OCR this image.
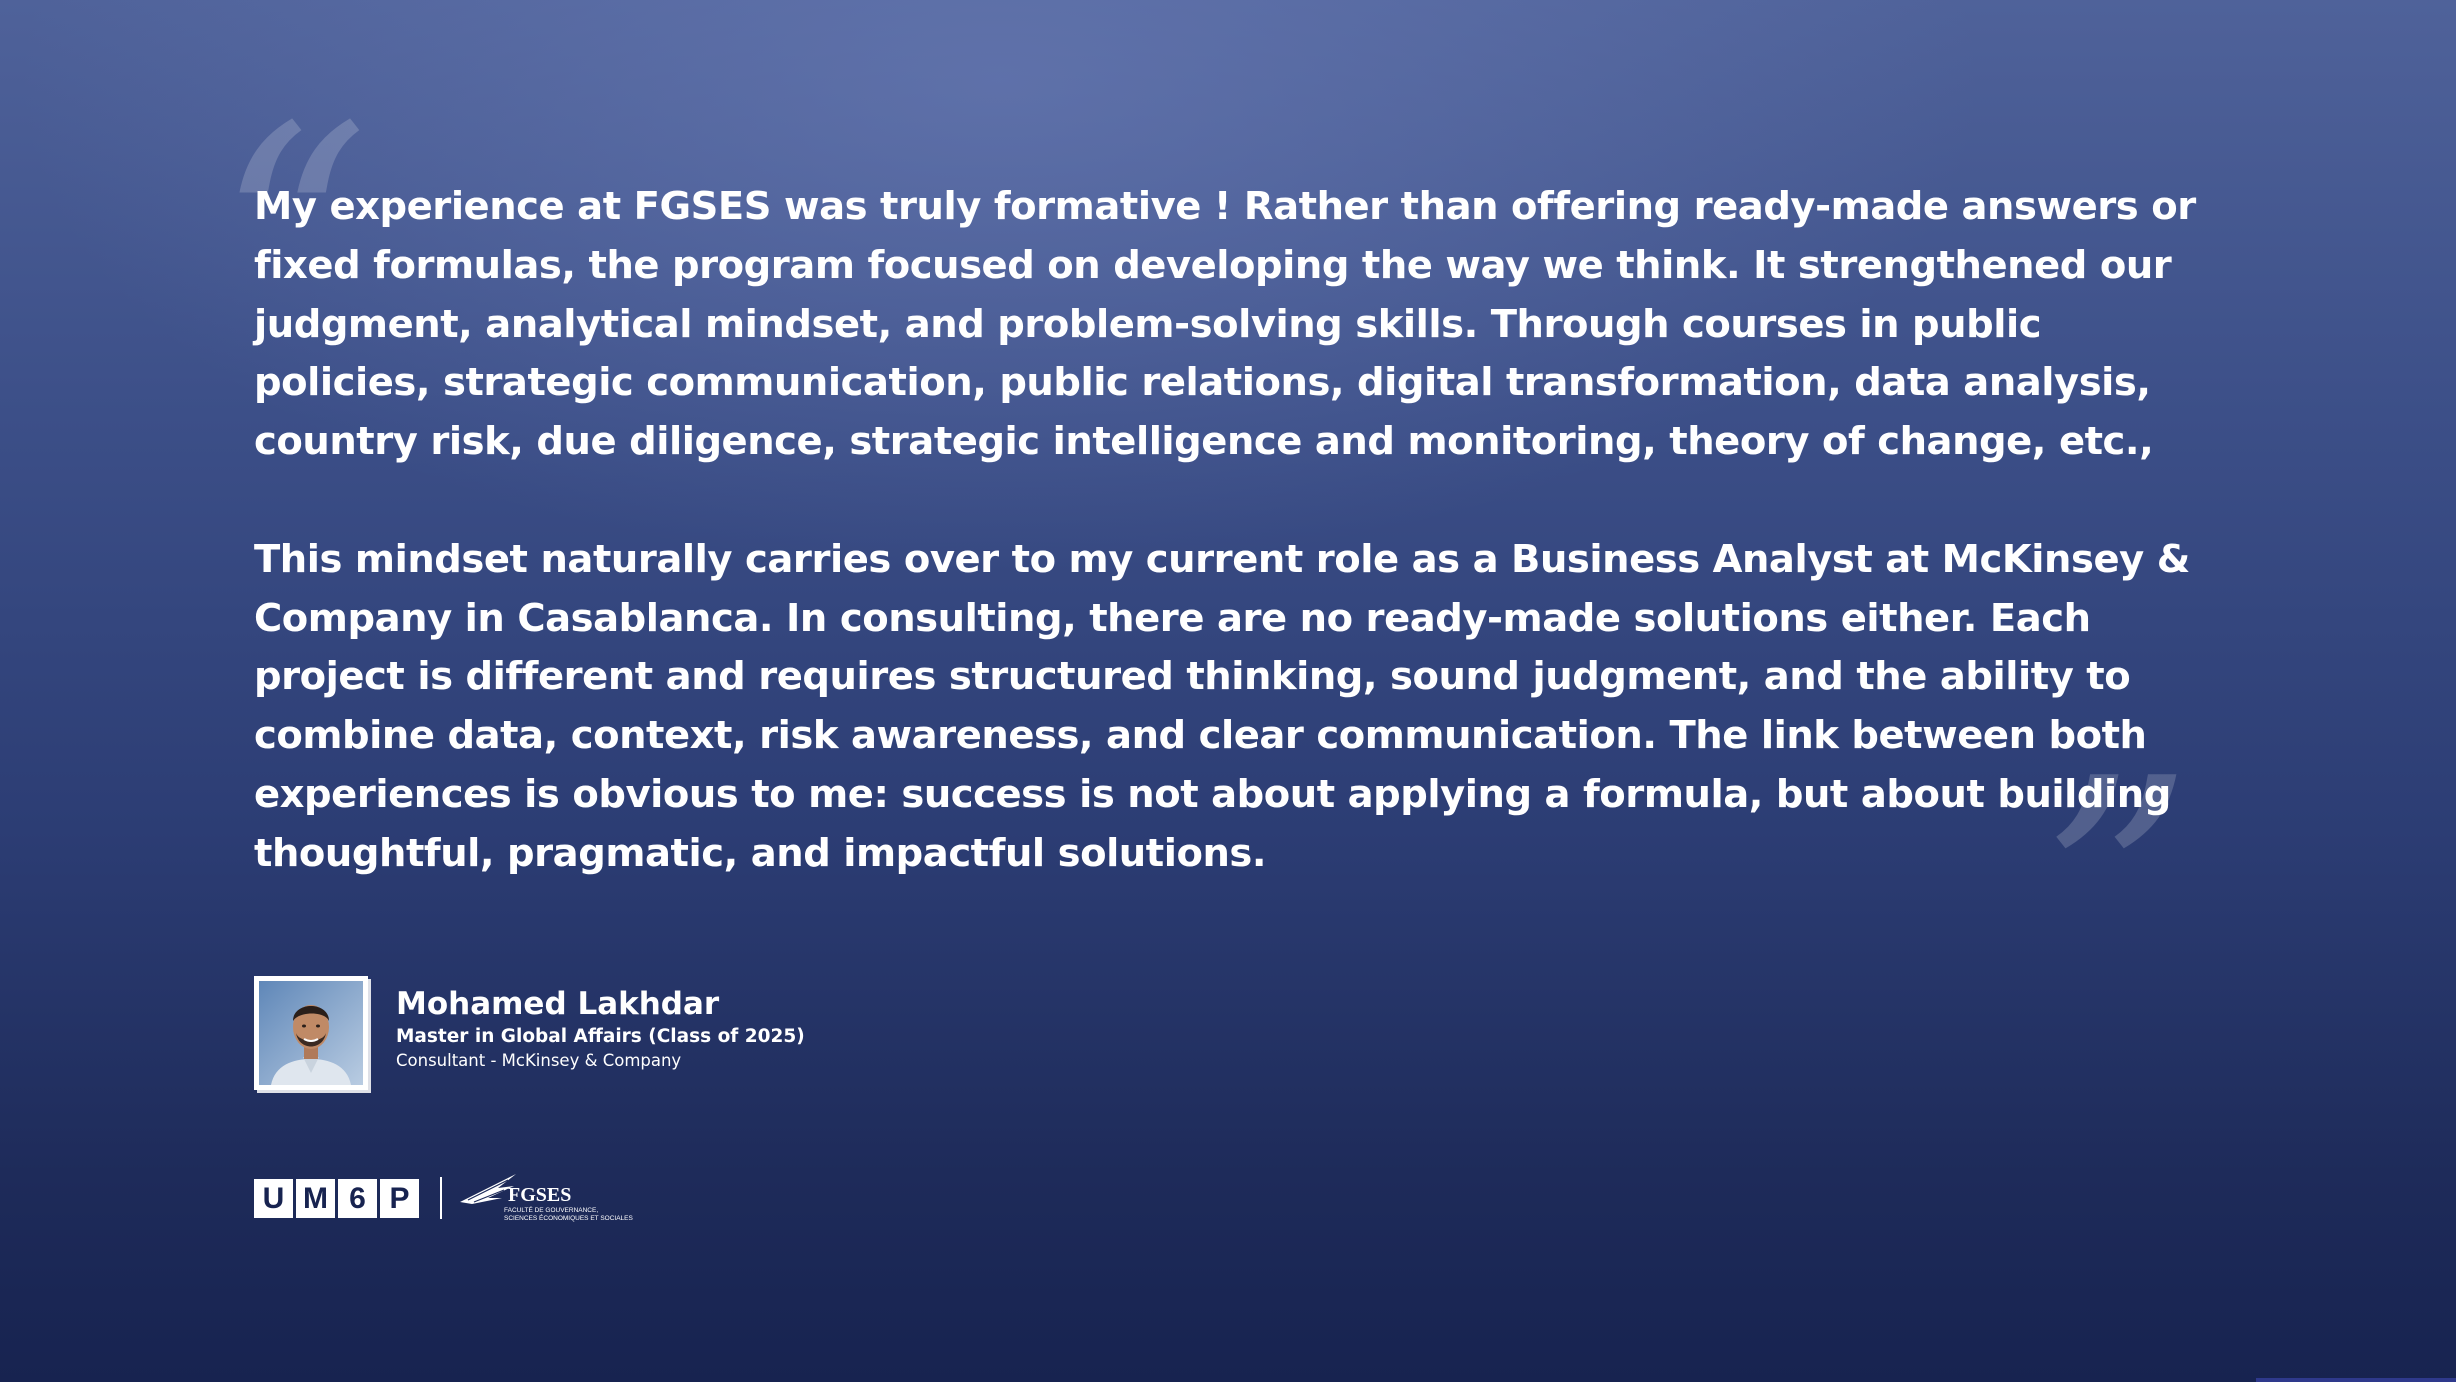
“
”

My experience at FGSES was truly formative ! Rather than offering ready-made answers or fixed formulas, the program focused on developing the way we think. It strengthened our judgment, analytical mindset, and problem-solving skills. Through courses in public policies, strategic communication, public relations, digital transformation, data analysis, country risk, due diligence, strategic intelligence and monitoring, theory of change, etc.,

This mindset naturally carries over to my current role as a Business Analyst at McKinsey & Company in Casablanca. In consulting, there are no ready-made solutions either. Each project is different and requires structured thinking, sound judgment, and the ability to combine data, context, risk awareness, and clear communication. The link between both experiences is obvious to me: success is not about applying a formula, but about building thoughtful, pragmatic, and impactful solutions.

Mohamed Lakhdar
Master in Global Affairs (Class of 2025)
Consultant - McKinsey & Company
U M 6 P	FGSES
FACULTÉ DE GOUVERNANCE,
SCIENCES ÉCONOMIQUES ET SOCIALES
